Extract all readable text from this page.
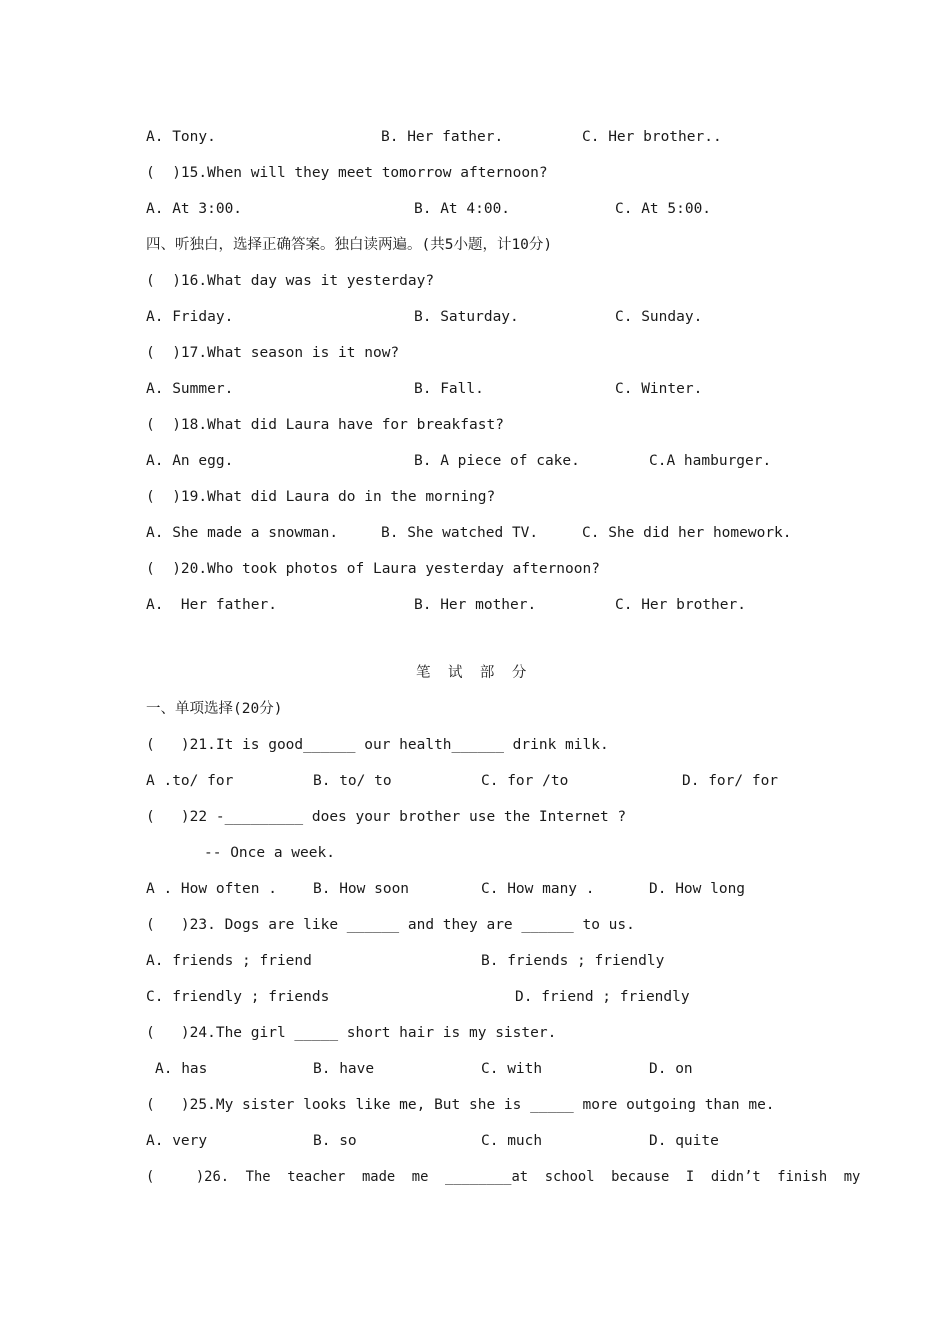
A. Tony.	B. Her father.	C. Her brother..
(  )15.When will they meet tomorrow afternoon?
A. At 3:00.	B. At 4:00.	C. At 5:00.
四、听独白，选择正确答案。独白读两遍。(共5小题，计10分)
(  )16.What day was it yesterday?
A. Friday.	B. Saturday.	C. Sunday.
(  )17.What season is it now?
A. Summer.	B. Fall.	C. Winter.
(  )18.What did Laura have for breakfast?
A. An egg.	B. A piece of cake.	C.A hamburger.
(  )19.What did Laura do in the morning?
A. She made a snowman.	B. She watched TV.	C. She did her homework.
(  )20.Who took photos of Laura yesterday afternoon?
A.  Her father.	B. Her mother.	C. Her brother.
笔  试  部  分
一、单项选择(20分)
(   )21.It is good______ our health______ drink milk.
A .to/ for	B. to/ to	C. for /to	D. for/ for
(   )22 -_________ does your brother use the Internet ?
-- Once a week.
A . How often . B. How soon	C. How many .	D. How long
(   )23. Dogs are like ______ and they are ______ to us.
A. friends ; friend	B. friends ; friendly
C. friendly ; friends	D. friend ; friendly
(   )24.The girl _____ short hair is my sister.
A. has	B. have	C. with	D. on
(   )25.My sister looks like me, But she is _____ more outgoing than me.
A. very	B. so	C. much	D. quite
(     )26.  The  teacher  made  me  ________at  school  because  I  didn’t  finish  my
